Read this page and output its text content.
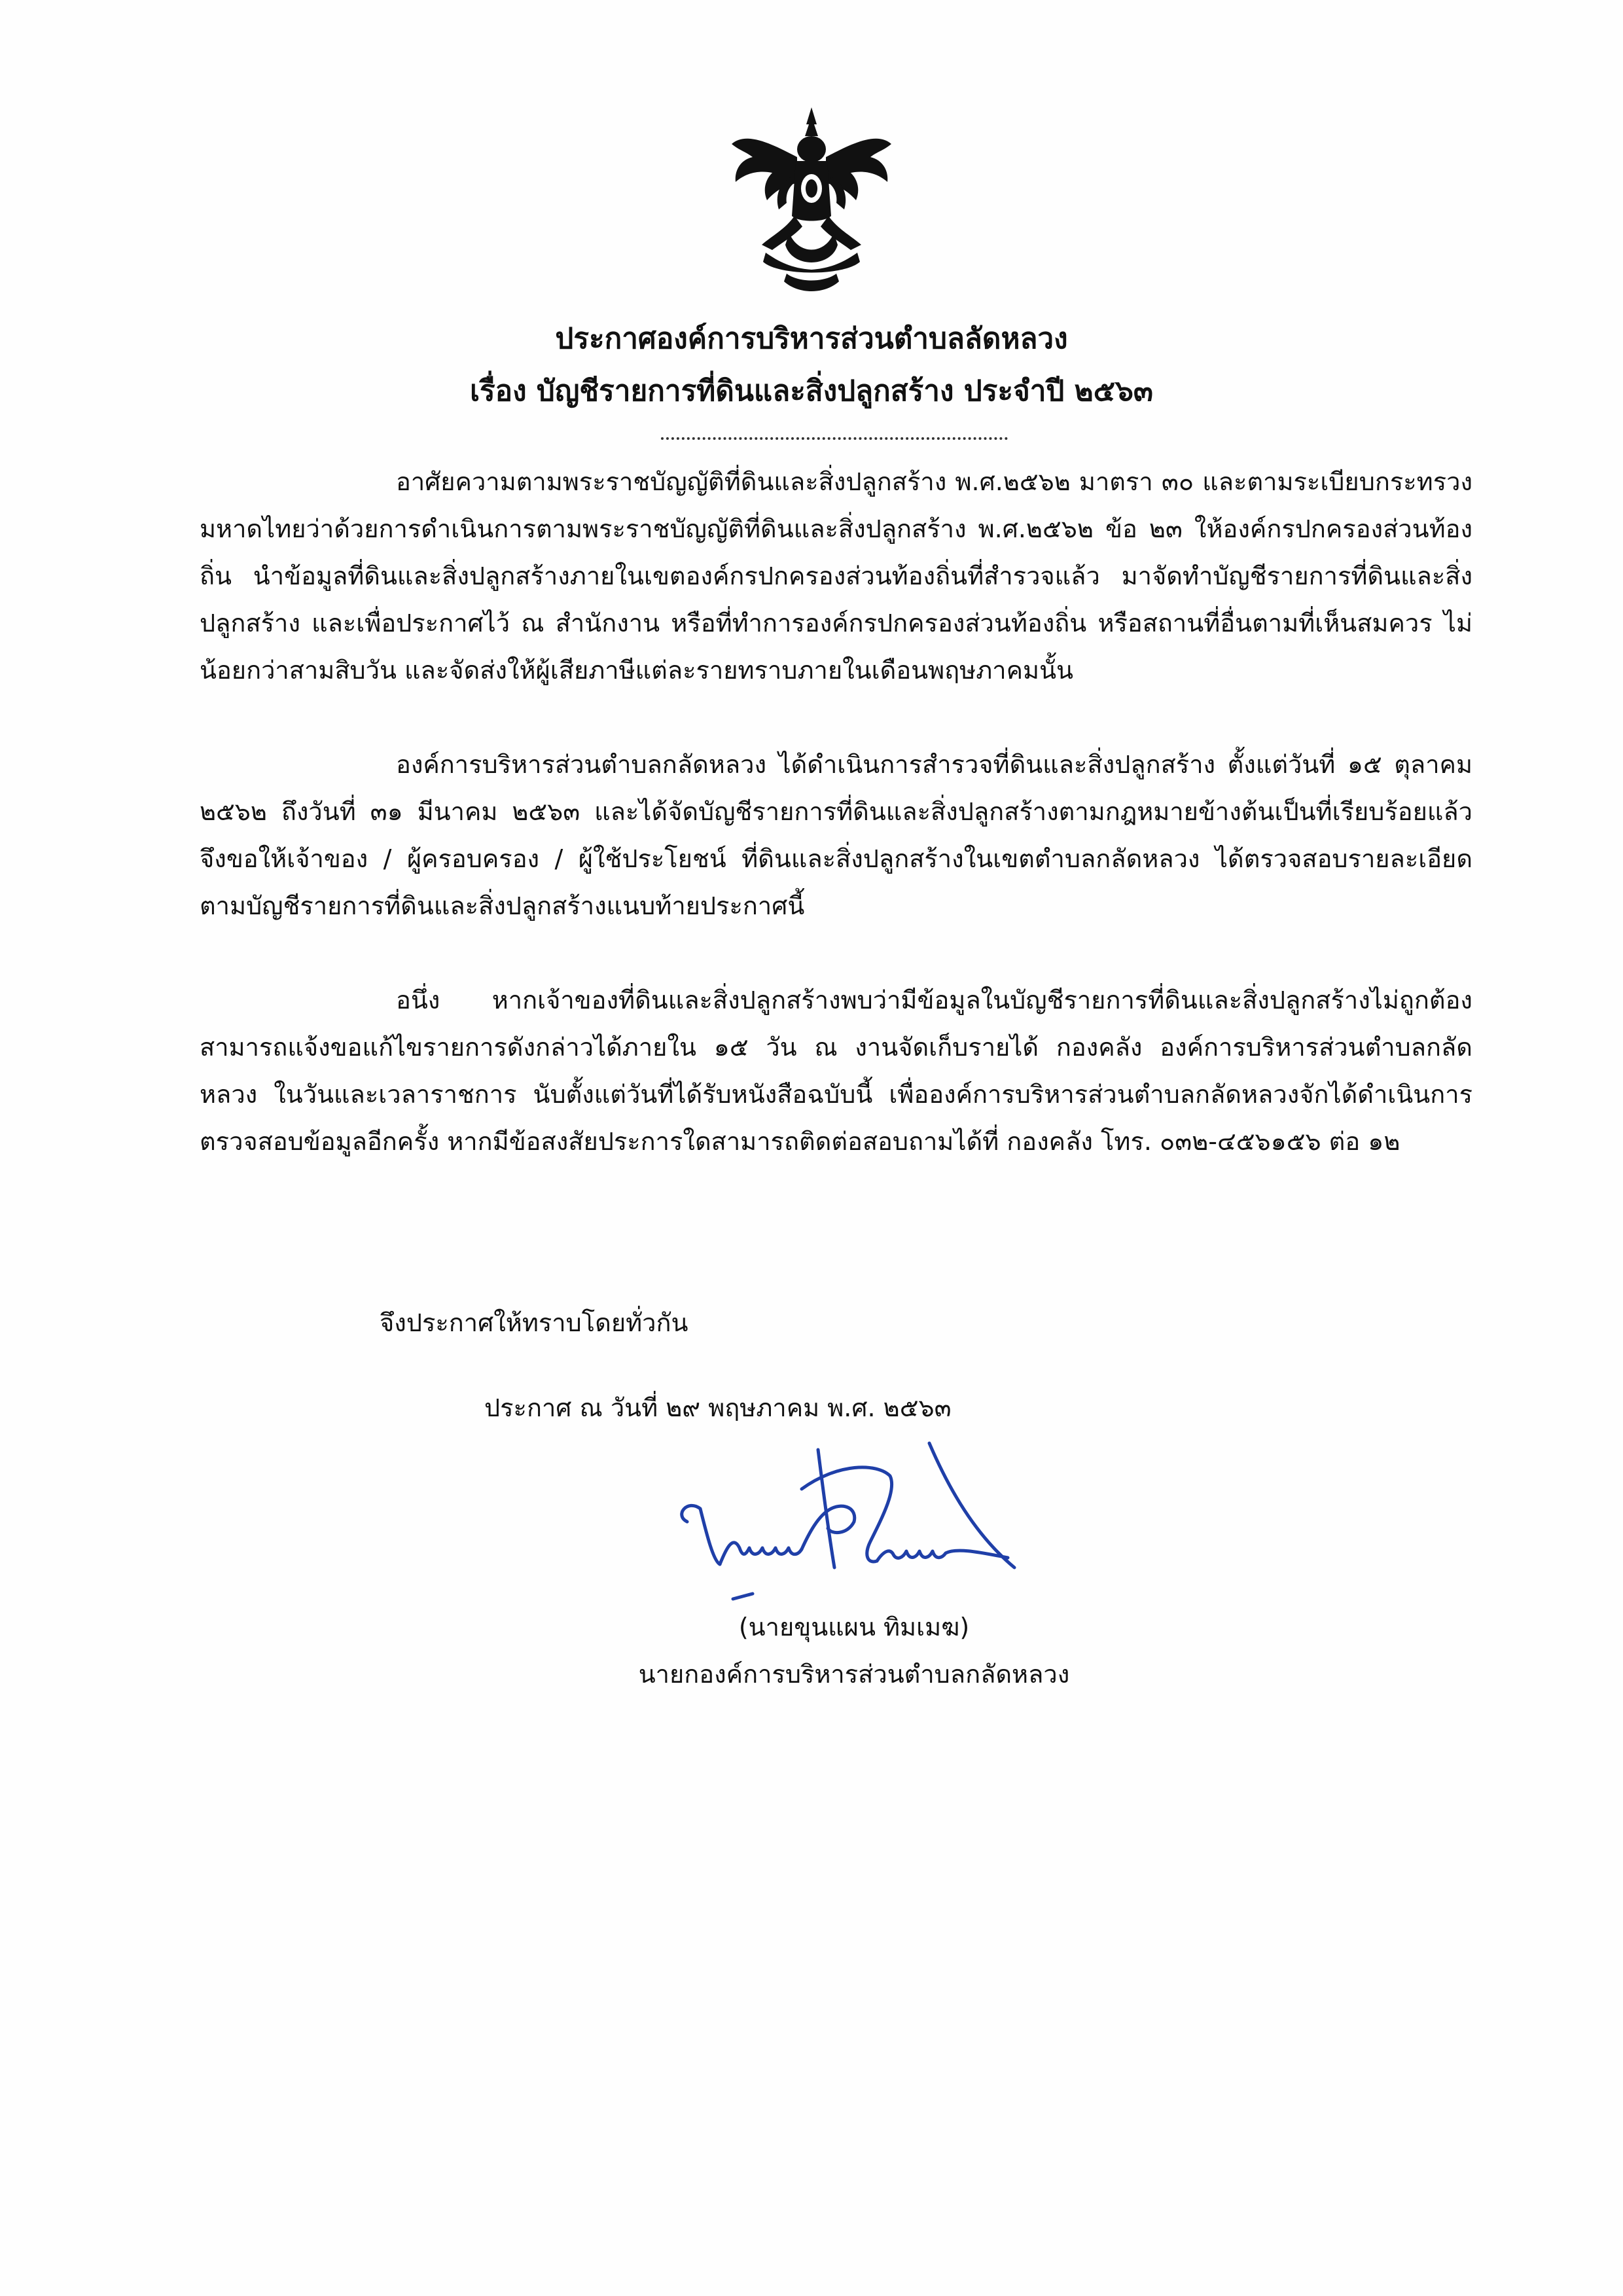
ประกาศองค์การบริหารส่วนตำบลลัดหลวง
เรื่อง บัญชีรายการที่ดินและสิ่งปลูกสร้าง ประจำปี ๒๕๖๓

อาศัยความตามพระราชบัญญัติที่ดินและสิ่งปลูกสร้าง พ.ศ.๒๕๖๒ มาตรา ๓๐ และตามระเบียบกระทรวงมหาดไทยว่าด้วยการดำเนินการตามพระราชบัญญัติที่ดินและสิ่งปลูกสร้าง พ.ศ.๒๕๖๒ ข้อ ๒๓ ให้องค์กรปกครองส่วนท้องถิ่น นำข้อมูลที่ดินและสิ่งปลูกสร้างภายในเขตองค์กรปกครองส่วนท้องถิ่นที่สำรวจแล้ว มาจัดทำบัญชีรายการที่ดินและสิ่งปลูกสร้าง และเพื่อประกาศไว้ ณ สำนักงาน หรือที่ทำการองค์กรปกครองส่วนท้องถิ่น หรือสถานที่อื่นตามที่เห็นสมควร ไม่น้อยกว่าสามสิบวัน และจัดส่งให้ผู้เสียภาษีแต่ละรายทราบภายในเดือนพฤษภาคมนั้น

องค์การบริหารส่วนตำบลกลัดหลวง ได้ดำเนินการสำรวจที่ดินและสิ่งปลูกสร้าง ตั้งแต่วันที่ ๑๕ ตุลาคม ๒๕๖๒ ถึงวันที่ ๓๑ มีนาคม ๒๕๖๓ และได้จัดบัญชีรายการที่ดินและสิ่งปลูกสร้างตามกฎหมายข้างต้นเป็นที่เรียบร้อยแล้ว จึงขอให้เจ้าของ / ผู้ครอบครอง / ผู้ใช้ประโยชน์ ที่ดินและสิ่งปลูกสร้างในเขตตำบลกลัดหลวง ได้ตรวจสอบรายละเอียดตามบัญชีรายการที่ดินและสิ่งปลูกสร้างแนบท้ายประกาศนี้

อนึ่ง หากเจ้าของที่ดินและสิ่งปลูกสร้างพบว่ามีข้อมูลในบัญชีรายการที่ดินและสิ่งปลูกสร้างไม่ถูกต้อง สามารถแจ้งขอแก้ไขรายการดังกล่าวได้ภายใน ๑๕ วัน ณ งานจัดเก็บรายได้ กองคลัง องค์การบริหารส่วนตำบลกลัดหลวง ในวันและเวลาราชการ นับตั้งแต่วันที่ได้รับหนังสือฉบับนี้ เพื่อองค์การบริหารส่วนตำบลกลัดหลวงจักได้ดำเนินการตรวจสอบข้อมูลอีกครั้ง หากมีข้อสงสัยประการใดสามารถติดต่อสอบถามได้ที่ กองคลัง โทร. ๐๓๒-๔๕๖๑๕๖ ต่อ ๑๒

จึงประกาศให้ทราบโดยทั่วกัน
ประกาศ ณ วันที่ ๒๙ พฤษภาคม พ.ศ. ๒๕๖๓
(นายขุนแผน ทิมเมฆ)
นายกองค์การบริหารส่วนตำบลกลัดหลวง
